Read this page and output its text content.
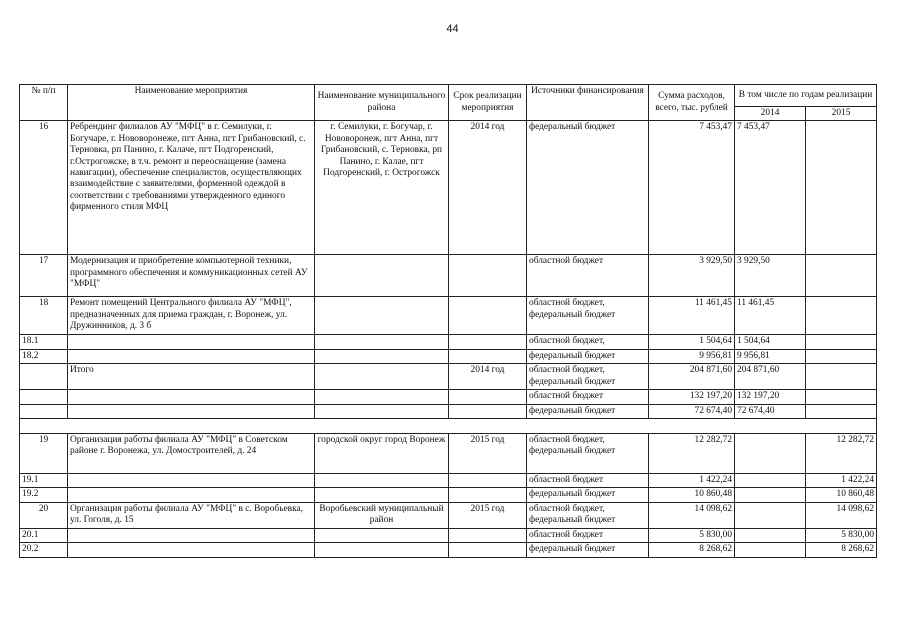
44
№ п/п	Наименование мероприятия	Наименование муниципального района	Срок реализации мероприятия	Источники финансирования	Сумма расходов, всего, тыс. рублей	В том числе по годам реализации	
						2014	2015
16	Ребрендинг филиалов АУ "МФЦ" в г. Семилуки, г. Богучаре, г. Нововоронеже, пгт Анна, пгт Грибановский, с. Терновка, рп Панино, г. Калаче, пгт Подгоренский, г.Острогожске, в т.ч. ремонт и переоснащение (замена навигации), обеспечение специалистов, осуществляющих взаимодействие с заявителями, форменной одеждой в соответствии с требованиями утвержденного единого фирменного стиля МФЦ	г. Семилуки, г. Богучар, г. Нововоронеж, пгт Анна, пгт Грибановский, с. Терновка, рп Панино, г. Калае, пгт Подгоренский, г. Острогожск	2014 год	федеральный бюджет	7 453,47	7 453,47	
17	Модернизация и приобретение компьютерной техники, программного обеспечения и коммуникационных сетей АУ "МФЦ"			областной бюджет	3 929,50	3 929,50	
18	Ремонт помещений Центрального филиала АУ "МФЦ", предназначенных для приема граждан, г. Воронеж, ул. Дружинников, д. 3 б			областной бюджет, федеральный бюджет	11 461,45	11 461,45	
18.1				областной бюджет,	1 504,64	1 504,64	
18.2				федеральный бюджет	9 956,81	9 956,81	
	Итого		2014 год	областной бюджет, федеральный бюджет	204 871,60	204 871,60	
				областной бюджет	132 197,20	132 197,20	
				федеральный бюджет	72 674,40	72 674,40	

19	Организация работы филиала АУ "МФЦ" в Советском районе г. Воронежа, ул. Домостроителей, д. 24	городской округ город Воронеж	2015 год	областной бюджет, федеральный бюджет	12 282,72		12 282,72
19.1				областной бюджет	1 422,24		1 422,24
19.2				федеральный бюджет	10 860,48		10 860,48
20	Организация работы филиала АУ "МФЦ" в с. Воробьевка, ул. Гоголя, д. 15	Воробьевский муниципальный район	2015 год	областной бюджет, федеральный бюджет	14 098,62		14 098,62
20.1				областной бюджет	5 830,00		5 830,00
20.2				федеральный бюджет	8 268,62		8 268,62
